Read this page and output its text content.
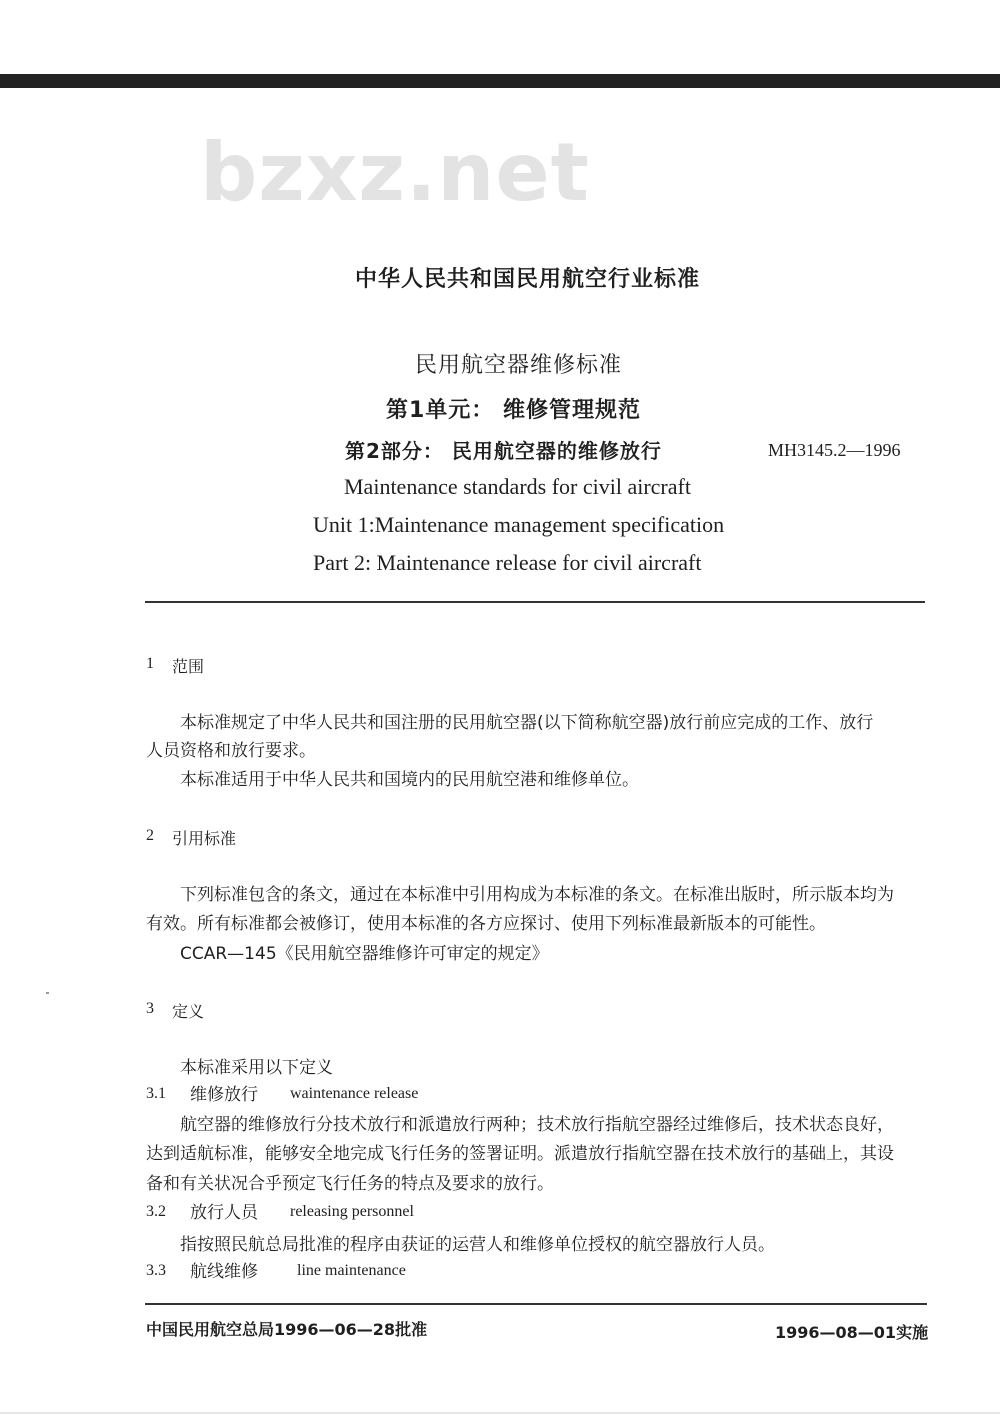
bzxz.net
中华人民共和国民用航空行业标准
民用航空器维修标准
第1单元： 维修管理规范
第2部分： 民用航空器的维修放行	MH3145.2—1996
Maintenance standards for civil aircraft
Unit 1:Maintenance management specification
Part 2: Maintenance release for civil aircraft
1 范围
本标准规定了中华人民共和国注册的民用航空器(以下简称航空器)放行前应完成的工作、放行
人员资格和放行要求。
本标准适用于中华人民共和国境内的民用航空港和维修单位。
2 引用标准
下列标准包含的条文，通过在本标准中引用构成为本标准的条文。在标准出版时，所示版本均为
有效。所有标准都会被修订，使用本标准的各方应探讨、使用下列标准最新版本的可能性。
CCAR—145《民用航空器维修许可审定的规定》
3 定义
本标准采用以下定义
3.1 维修放行 waintenance release
航空器的维修放行分技术放行和派遣放行两种；技术放行指航空器经过维修后，技术状态良好，
达到适航标准，能够安全地完成飞行任务的签署证明。派遣放行指航空器在技术放行的基础上，其设
备和有关状况合乎预定飞行任务的特点及要求的放行。
3.2 放行人员 releasing personnel
指按照民航总局批准的程序由获证的运营人和维修单位授权的航空器放行人员。
3.3 航线维修 line maintenance
中国民用航空总局1996—06—28批准	1996—08—01实施
